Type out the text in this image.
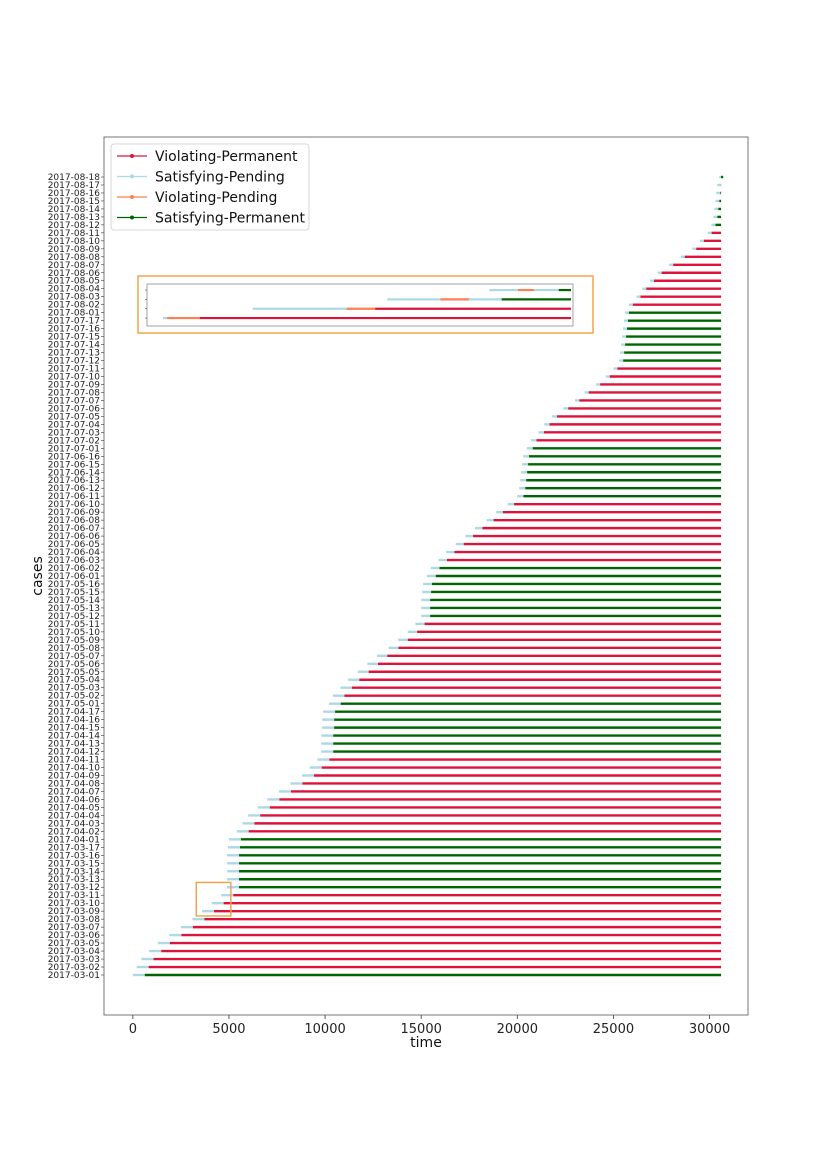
2017-03-01
2017-03-02
2017-03-03
2017-03-04
2017-03-05
2017-03-06
2017-03-07
2017-03-08
2017-03-09
2017-03-10
2017-03-11
2017-03-12
2017-03-13
2017-03-14
2017-03-15
2017-03-16
2017-03-17
2017-04-01
2017-04-02
2017-04-03
2017-04-04
2017-04-05
2017-04-06
2017-04-07
2017-04-08
2017-04-09
2017-04-10
2017-04-11
2017-04-12
2017-04-13
2017-04-14
2017-04-15
2017-04-16
2017-04-17
2017-05-01
2017-05-02
2017-05-03
2017-05-04
2017-05-05
2017-05-06
2017-05-07
2017-05-08
2017-05-09
2017-05-10
2017-05-11
2017-05-12
2017-05-13
2017-05-14
2017-05-15
2017-05-16
2017-06-01
2017-06-02
2017-06-03
2017-06-04
2017-06-05
2017-06-06
2017-06-07
2017-06-08
2017-06-09
2017-06-10
2017-06-11
2017-06-12
2017-06-13
2017-06-14
2017-06-15
2017-06-16
2017-07-01
2017-07-02
2017-07-03
2017-07-04
2017-07-05
2017-07-06
2017-07-07
2017-07-08
2017-07-09
2017-07-10
2017-07-11
2017-07-12
2017-07-13
2017-07-14
2017-07-15
2017-07-16
2017-07-17
2017-08-01
2017-08-02
2017-08-03
2017-08-04
2017-08-05
2017-08-06
2017-08-07
2017-08-08
2017-08-09
2017-08-10
2017-08-11
2017-08-12
2017-08-13
2017-08-14
2017-08-15
2017-08-16
2017-08-17
2017-08-18
0	5000	10000	15000	20000	25000	30000
Violating-Permanent
Satisfying-Pending
Violating-Pending
Satisfying-Permanent
time
cases
